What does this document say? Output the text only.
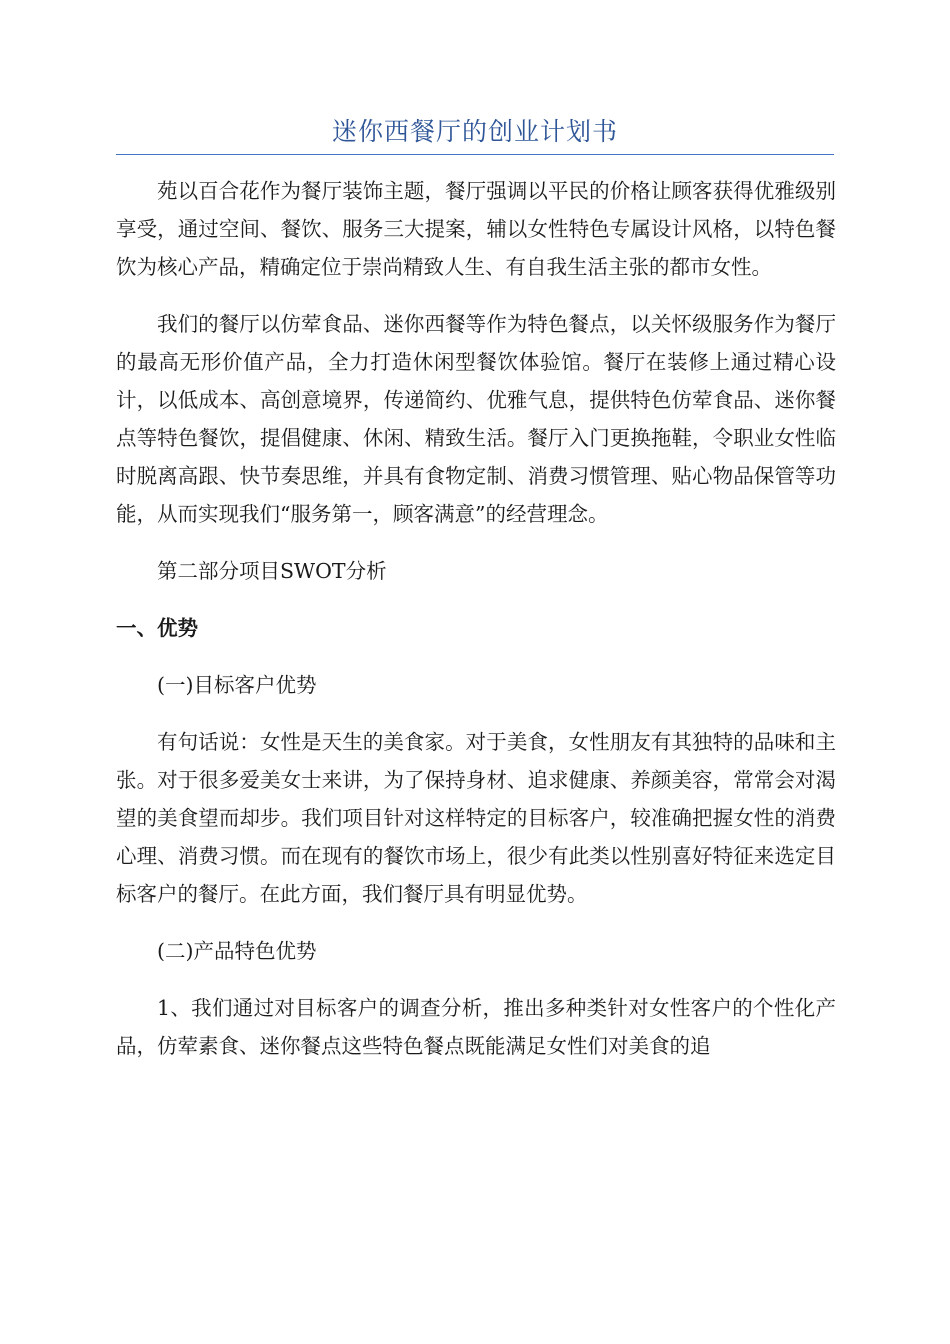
迷你西餐厅的创业计划书

苑以百合花作为餐厅装饰主题，餐厅强调以平民的价格让顾客获得优雅级别享受，通过空间、餐饮、服务三大提案，辅以女性特色专属设计风格，以特色餐饮为核心产品，精确定位于崇尚精致人生、有自我生活主张的都市女性。

我们的餐厅以仿荤食品、迷你西餐等作为特色餐点，以关怀级服务作为餐厅的最高无形价值产品，全力打造休闲型餐饮体验馆。餐厅在装修上通过精心设计，以低成本、高创意境界，传递简约、优雅气息，提供特色仿荤食品、迷你餐点等特色餐饮，提倡健康、休闲、精致生活。餐厅入门更换拖鞋，令职业女性临时脱离高跟、快节奏思维，并具有食物定制、消费习惯管理、贴心物品保管等功能，从而实现我们“服务第一，顾客满意”的经营理念。

第二部分项目SWOT分析

一、优势

(一)目标客户优势

有句话说：女性是天生的美食家。对于美食，女性朋友有其独特的品味和主张。对于很多爱美女士来讲，为了保持身材、追求健康、养颜美容，常常会对渴望的美食望而却步。我们项目针对这样特定的目标客户，较准确把握女性的消费心理、消费习惯。而在现有的餐饮市场上，很少有此类以性别喜好特征来选定目标客户的餐厅。在此方面，我们餐厅具有明显优势。

(二)产品特色优势

1、我们通过对目标客户的调查分析，推出多种类针对女性客户的个性化产品，仿荤素食、迷你餐点这些特色餐点既能满足女性们对美食的追
